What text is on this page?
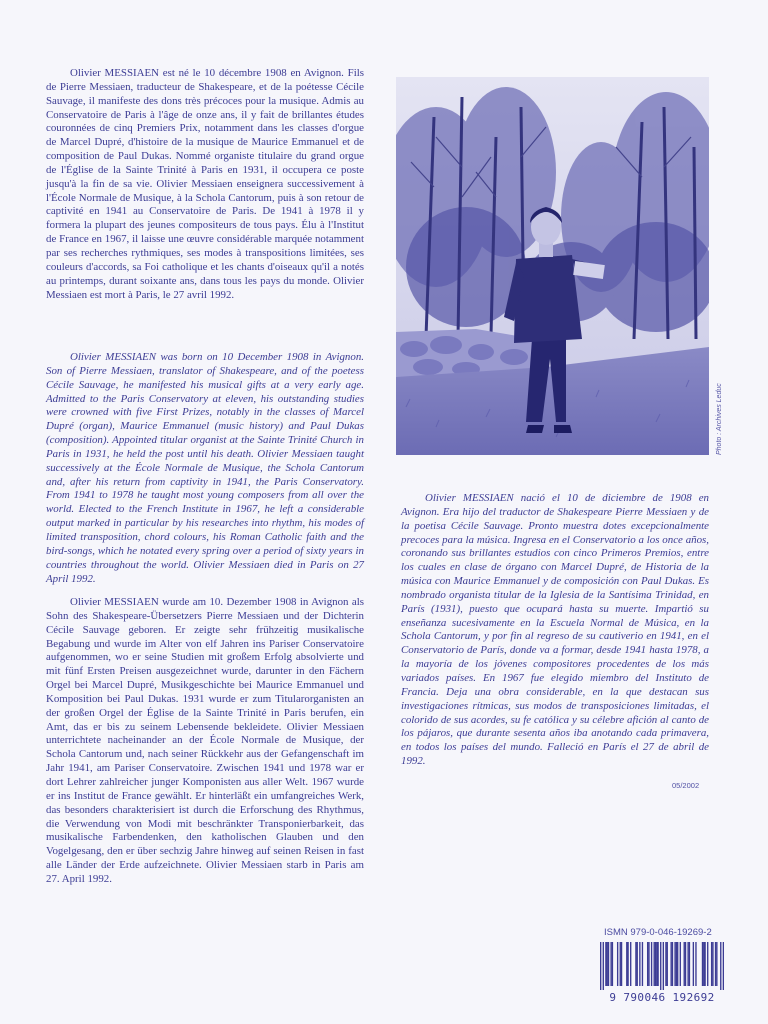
Olivier MESSIAEN est né le 10 décembre 1908 en Avignon. Fils de Pierre Messiaen, traducteur de Shakespeare, et de la poétesse Cécile Sauvage, il manifeste des dons très précoces pour la musique. Admis au Conservatoire de Paris à l'âge de onze ans, il y fait de brillantes études couronnées de cinq Premiers Prix, notamment dans les classes d'orgue de Marcel Dupré, d'histoire de la musique de Maurice Emmanuel et de composition de Paul Dukas. Nommé organiste titulaire du grand orgue de l'Église de la Sainte Trinité à Paris en 1931, il occupera ce poste jusqu'à la fin de sa vie. Olivier Messiaen enseignera successivement à l'École Normale de Musique, à la Schola Cantorum, puis à son retour de captivité en 1941 au Conservatoire de Paris. De 1941 à 1978 il y formera la plupart des jeunes compositeurs de tous pays. Élu à l'Institut de France en 1967, il laisse une œuvre considérable marquée notamment par ses recherches rythmiques, ses modes à transpositions limitées, ses couleurs d'accords, sa Foi catholique et les chants d'oiseaux qu'il a notés au printemps, durant soixante ans, dans tous les pays du monde. Olivier Messiaen est mort à Paris, le 27 avril 1992.

Olivier MESSIAEN was born on 10 December 1908 in Avignon. Son of Pierre Messiaen, translator of Shakespeare, and of the poetess Cécile Sauvage, he manifested his musical gifts at a very early age. Admitted to the Paris Conservatory at eleven, his outstanding studies were crowned with five First Prizes, notably in the classes of Marcel Dupré (organ), Maurice Emmanuel (music history) and Paul Dukas (composition). Appointed titular organist at the Sainte Trinité Church in Paris in 1931, he held the post until his death. Olivier Messiaen taught successively at the École Normale de Musique, the Schola Cantorum and, after his return from captivity in 1941, the Paris Conservatory. From 1941 to 1978 he taught most young composers from all over the world. Elected to the French Institute in 1967, he left a considerable output marked in particular by his researches into rhythm, his modes of limited transposition, chord colours, his Roman Catholic faith and the bird-songs, which he notated every spring over a period of sixty years in countries throughout the world. Olivier Messiaen died in Paris on 27 April 1992.

Olivier MESSIAEN wurde am 10. Dezember 1908 in Avignon als Sohn des Shakespeare-Übersetzers Pierre Messiaen und der Dichterin Cécile Sauvage geboren. Er zeigte sehr frühzeitig musikalische Begabung und wurde im Alter von elf Jahren ins Pariser Conservatoire aufgenommen, wo er seine Studien mit großem Erfolg absolvierte und mit fünf Ersten Preisen ausgezeichnet wurde, darunter in den Fächern Orgel bei Marcel Dupré, Musikgeschichte bei Maurice Emmanuel und Komposition bei Paul Dukas. 1931 wurde er zum Titularorganisten an der großen Orgel der Église de la Sainte Trinité in Paris berufen, ein Amt, das er bis zu seinem Lebensende bekleidete. Olivier Messiaen unterrichtete nacheinander an der École Normale de Musique, der Schola Cantorum und, nach seiner Rückkehr aus der Gefangenschaft im Jahr 1941, am Pariser Conservatoire. Zwischen 1941 und 1978 war er dort Lehrer zahlreicher junger Komponisten aus aller Welt. 1967 wurde er ins Institut de France gewählt. Er hinterläßt ein umfangreiches Werk, das besonders charakterisiert ist durch die Erforschung des Rhythmus, die Verwendung von Modi mit beschränkter Transponierbarkeit, das musikalische Farbendenken, den katholischen Glauben und den Vogelgesang, den er über sechzig Jahre hinweg auf seinen Reisen in fast alle Länder der Erde aufzeichnete. Olivier Messiaen starb in Paris am 27. April 1992.

Photo : Archives Leduc

Olivier MESSIAEN nació el 10 de diciembre de 1908 en Avignon. Era hijo del traductor de Shakespeare Pierre Messiaen y de la poetisa Cécile Sauvage. Pronto muestra dotes excepcionalmente precoces para la música. Ingresa en el Conservatorio a los once años, coronando sus brillantes estudios con cinco Primeros Premios, entre los cuales en clase de órgano con Marcel Dupré, de Historia de la música con Maurice Emmanuel y de composición con Paul Dukas. Es nombrado organista titular de la Iglesia de la Santísima Trinidad, en París (1931), puesto que ocupará hasta su muerte. Impartió su enseñanza sucesivamente en la Escuela Normal de Música, en la Schola Cantorum, y por fin al regreso de su cautiverio en 1941, en el Conservatorio de París, donde va a formar, desde 1941 hasta 1978, a la mayoría de los jóvenes compositores procedentes de los más variados países. En 1967 fue elegido miembro del Instituto de Francia. Deja una obra considerable, en la que destacan sus investigaciones rítmicas, sus modos de transposiciones limitadas, el colorido de sus acordes, su fe católica y su célebre afición al canto de los pájaros, que durante sesenta años iba anotando cada primavera, en todos los países del mundo. Falleció en París el 27 de abril de 1992.

05/2002
ISMN 979-0-046-19269-2
9 790046 192692
